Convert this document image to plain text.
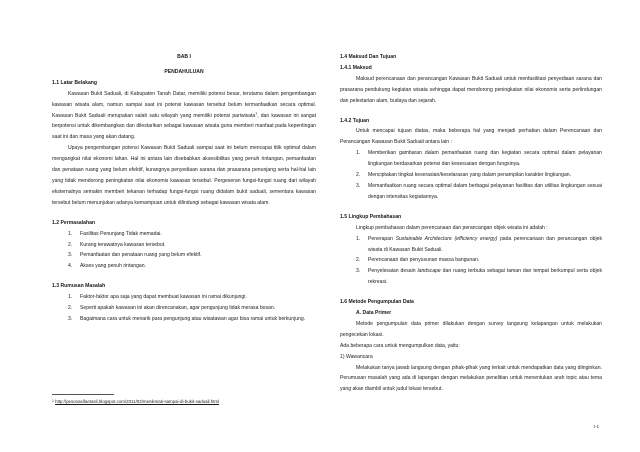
BAB I
PENDAHULUAN
1.1 Latar Belakang
Kawasan Bukit Saduali, di Kabupaten Tanah Datar, memiliki potensi besar, terutama dalam pengembangan kawasan wisata alam, namun sampai saat ini potensi kawasan tersebut belum termanfaatkan secara optimal. Kawasan Bukit Saduali merupakan salah satu wilayah yang memiliki potensi pariwisata$^1$, dan kawasan ini sangat berpotensi untuk dikembangkan dan dilestarikan sebagai kawasan wisata guna memberi manfaat pada kepentingan saat ini dan masa yang akan datang.
Upaya pengembangan potensi Kawasan Bukit Saduali sampai saat ini belum mencapai titik optimal dalam mengangkat nilai ekonomi lahan. Hal ini antara lain disebabkan aksesibilitas yang penuh rintangan, pemanfaatan dan penataan ruang yang belum efektif, kurangnya penyediaan sarana dan prasarana penunjang serta hal-hal lain yang tidak mendorong peningkatan nilai ekonomis kawasan tersebut. Pergeseran fungsi-fungsi ruang dari wilayah eksternalnya semakin memberi tekanan terhadap fungsi-fungsi ruang didalam bukit saduali, sementara kawasan tersebut belum menunjukan adanya kemampuan untuk dilindungi sebagai kawasan wisata alam.
1.2 Permasalahan
1. Fasilitas Penunjang Tidak memadai.
2. Kurang terawatnya kawasan tersebut.
3. Pemanfaatan dan penataan ruang yang belum efektif.
4. Akses yang penuh rintangan.
1.3 Rumusan Masalah
1. Faktor-faktor apa saja yang dapat membuat kawasan ini ramai dikunjungi.
2. Seperti apakah kawasan ini akan direncanakan, agar pengunjung tidak merasa bosan.
3. Bagaimana cara untuk menarik para pengunjung atau wisatawan agar bisa ramai untuk berkunjung.
1.4 Maksud Dan Tujuan
1.4.1 Maksud
Maksud perencanaan dan perancangan Kawasan Bukit Saduali untuk menfasilitasi penyediaan sarana dan prasarana pendukung kegiatan wisata sehingga dapat mendorong peningkatan nilai ekonomis serta perlindungan dan pelestarian alam, budaya dan sejarah.
1.4.2 Tujuan
Untuk mencapai tujuan diatas, maka beberapa hal yang menjadi perhatian dalam Perencanaan dan Perancangan Kawasan Bukit Saduali antara lain :
1. Memberikan gambaran dalam pemanfaatan ruang dan kegiatan secara optimal dalam pelayanan lingkungan berdasarkan potensi dan kesesuaian dengan fungsinya.
2. Menciptakan tingkat keserasian/keselarasan yang dalam penampilan karakter lingkungan.
3. Memanfaatkan ruang secara optimal dalam berbagai pelayanan fasilitas dan utilitas lingkungan sesuai dengan intensitas kegiatannya.
1.5 Lingkup Pembahasan
Lingkup pembahasan dalam perencanaan dan perancangan objek wisata ini adalah :
1. Penerapan Sustainable Architecture (efficiency energy) pada perencanaan dan perancangan objek wisata di Kawasan Bukit Saduali.
2. Perencanaan dan penyusunan massa bangunan.
3. Penyelesaian desain landscape dan ruang terbuka sebagai taman dan tempat berkumpul serta objek rekreasi.
1.6 Metode Pengumpulan Data
A. Data Primer
Metode pengumpulan data primer dilakukan dengan survey langsung kelapangan untuk melakukan pengecekan lokasi.
Ada beberapa cara untuk mengumpulkan data, yaitu:
1) Wawancara
Melakukan tanya jawab langsung dengan pihak-pihak yang terkait untuk mendapatkan data yang diinginkan. Perumusan masalah yang ada di lapangan dengan melakukan penelitian untuk menentukan arah topic atau tema yang akan diambil untuk judul lokasi tersebut.
$^1$ http://pesonasifaetasli.blogspot.com/2011/02/menikmati-sampai-di-bukit-saduali.html
I-1
